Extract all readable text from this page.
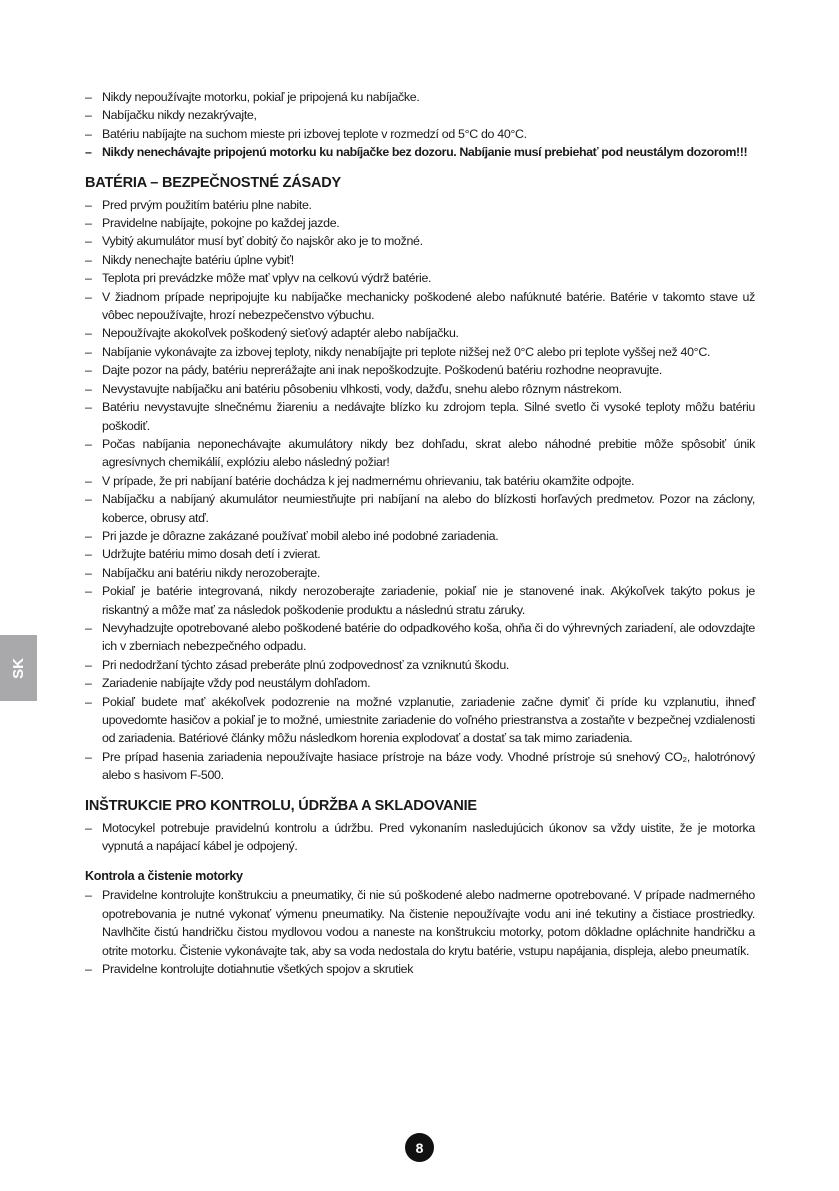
– Nikdy nepoužívajte motorku, pokiaľ je pripojená ku nabíjačke.
– Nabíjačku nikdy nezakrývajte,
– Batériu nabíjajte na suchom mieste pri izbovej teplote v rozmedzí od 5°C do 40°C.
– Nikdy nenechávajte pripojenú motorku ku nabíjačke bez dozoru. Nabíjanie musí prebiehať pod neustálym dozorom!!!
BATÉRIA – BEZPEČNOSTNÉ ZÁSADY
– Pred prvým použitím batériu plne nabite.
– Pravidelne nabíjajte, pokojne po každej jazde.
– Vybitý akumulátor musí byť dobitý čo najskôr ako je to možné.
– Nikdy nenechajte batériu úplne vybiť!
– Teplota pri prevádzke môže mať vplyv na celkovú výdrž batérie.
– V žiadnom prípade nepripojujte ku nabíjačke mechanicky poškodené alebo nafúknuté batérie. Batérie v takomto stave už vôbec nepoužívajte, hrozí nebezpečenstvo výbuchu.
– Nepoužívajte akokoľvek poškodený sieťový adaptér alebo nabíjačku.
– Nabíjanie vykonávajte za izbovej teploty, nikdy nenabíjajte pri teplote nižšej než 0°C alebo pri teplote vyššej než 40°C.
– Dajte pozor na pády, batériu neprerážajte ani inak nepoškodzujte. Poškodenú batériu rozhodne neopravujte.
– Nevystavujte nabíjačku ani batériu pôsobeniu vlhkosti, vody, dažďu, snehu alebo rôznym nástrekom.
– Batériu nevystavujte slnečnému žiareniu a nedávajte blízko ku zdrojom tepla. Silné svetlo či vysoké teploty môžu batériu poškodiť.
– Počas nabíjania neponechávajte akumulátory nikdy bez dohľadu, skrat alebo náhodné prebitie môže spôsobiť únik agresívnych chemikálií, explóziu alebo následný požiar!
– V prípade, že pri nabíjaní batérie dochádza k jej nadmernému ohrievaniu, tak batériu okamžite odpojte.
– Nabíjačku a nabíjaný akumulátor neumiestňujte pri nabíjaní na alebo do blízkosti horľavých predmetov. Pozor na záclony, koberce, obrusy atď.
– Pri jazde je dôrazne zakázané používať mobil alebo iné podobné zariadenia.
– Udržujte batériu mimo dosah detí i zvierat.
– Nabíjačku ani batériu nikdy nerozoberajte.
– Pokiaľ je batérie integrovaná, nikdy nerozoberajte zariadenie, pokiaľ nie je stanovené inak. Akýkoľvek takýto pokus je riskantný a môže mať za následok poškodenie produktu a následnú stratu záruky.
– Nevyhadzujte opotrebované alebo poškodené batérie do odpadkového koša, ohňa či do výhrevných zariadení, ale odovzdajte ich v zberniach nebezpečného odpadu.
– Pri nedodržaní týchto zásad preberáte plnú zodpovednosť za vzniknutú škodu.
– Zariadenie nabíjajte vždy pod neustálym dohľadom.
– Pokiaľ budete mať akékoľvek podozrenie na možné vzplanutie, zariadenie začne dymiť či príde ku vzplanutiu, ihneď upovedomte hasičov a pokiaľ je to možné, umiestnite zariadenie do voľného priestranstva a zostaňte v bezpečnej vzdialenosti od zariadenia. Batériové články môžu následkom horenia explodovať a dostať sa tak mimo zariadenia.
– Pre prípad hasenia zariadenia nepoužívajte hasiace prístroje na báze vody. Vhodné prístroje sú snehový CO₂, halotrónový alebo s hasivom F-500.
INŠTRUKCIE PRO KONTROLU, ÚDRŽBA A SKLADOVANIE
– Motocykel potrebuje pravidelnú kontrolu a údržbu. Pred vykonaním nasledujúcich úkonov sa vždy uistite, že je motorka vypnutá a napájací kábel je odpojený.
Kontrola a čistenie motorky
– Pravidelne kontrolujte konštrukciu a pneumatiky, či nie sú poškodené alebo nadmerne opotrebované. V prípade nadmerného opotrebovania je nutné vykonať výmenu pneumatiky. Na čistenie nepoužívajte vodu ani iné tekutiny a čistiace prostriedky. Navlhčite čistú handričku čistou mydlovou vodou a naneste na konštrukciu motorky, potom dôkladne opláchnite handričku a otrite motorku. Čistenie vykonávajte tak, aby sa voda nedostala do krytu batérie, vstupu napájania, displeja, alebo pneumatík.
– Pravidelne kontrolujte dotiahnutie všetkých spojov a skrutiek
SK
8
